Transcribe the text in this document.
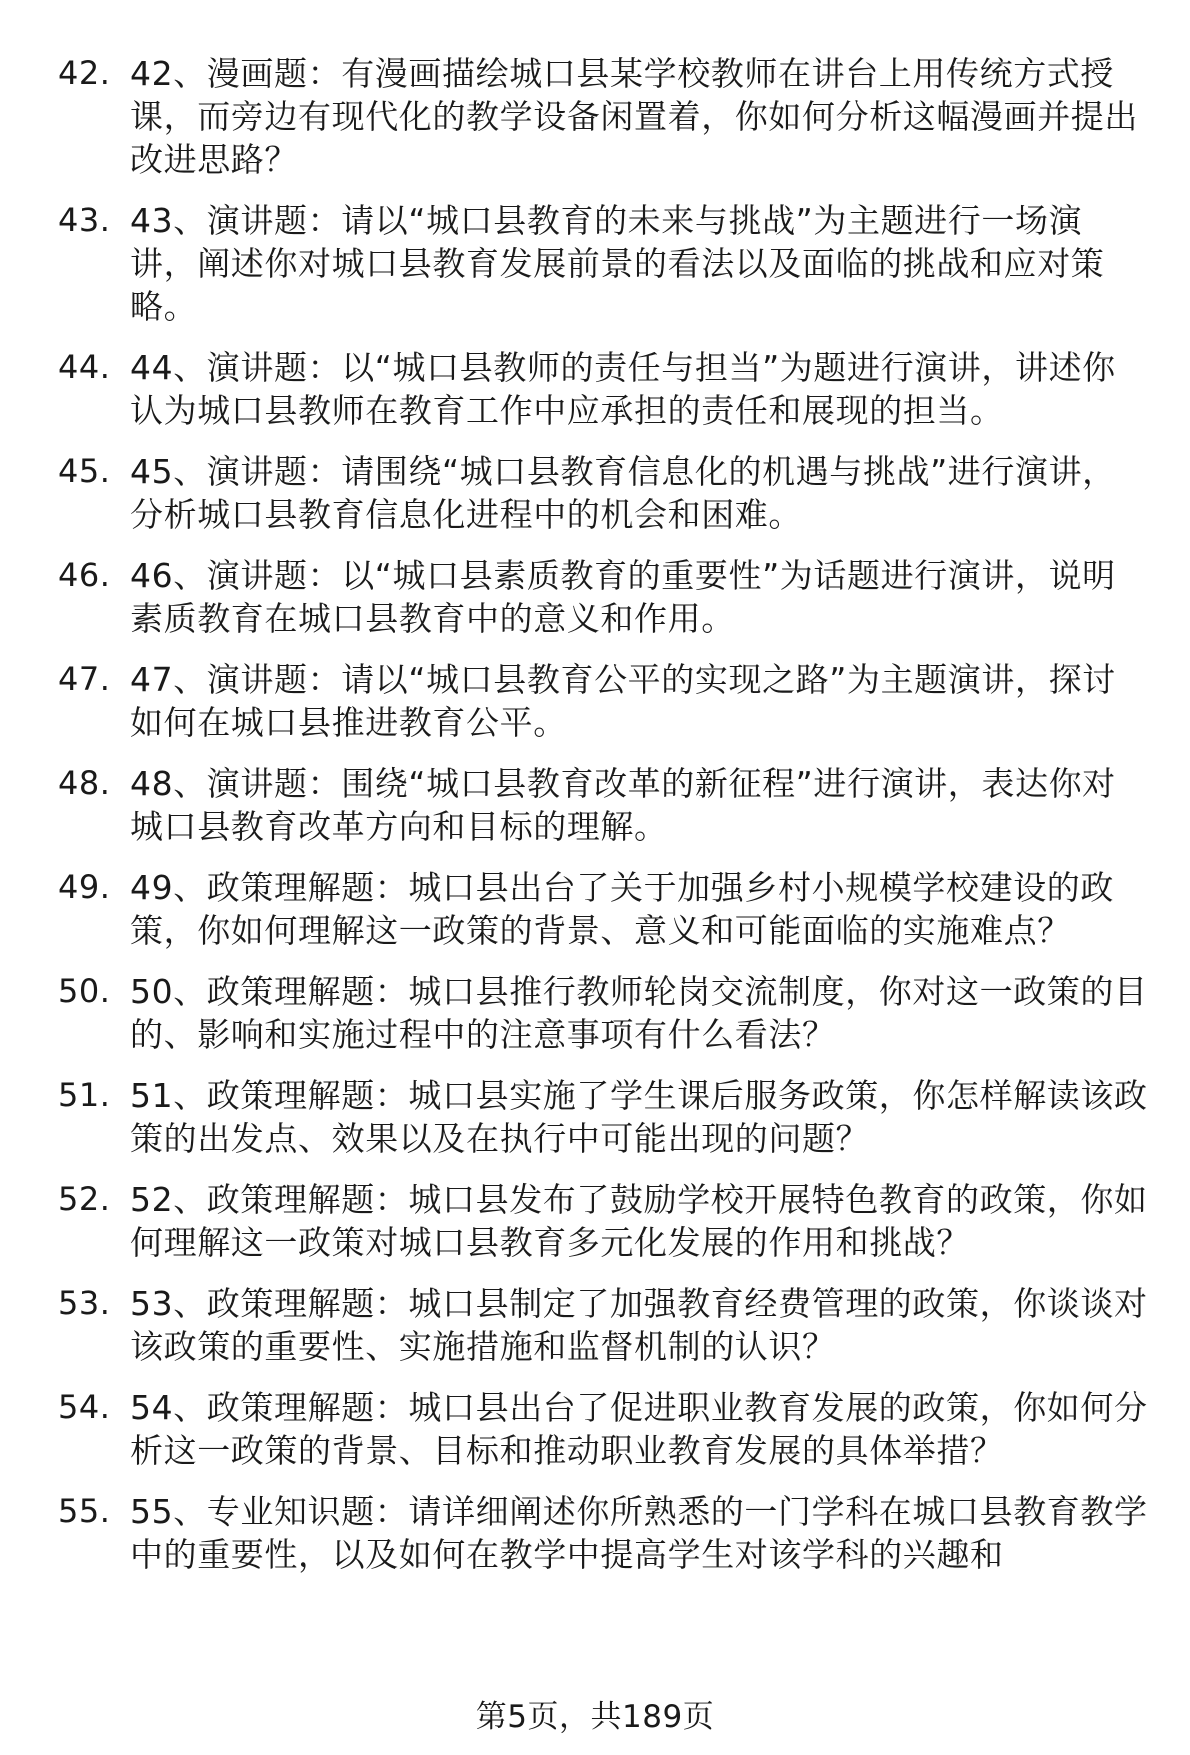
42. 42、漫画题：有漫画描绘城口县某学校教师在讲台上用传统方式授课，而旁边有现代化的教学设备闲置着，你如何分析这幅漫画并提出改进思路？
43. 43、演讲题：请以“城口县教育的未来与挑战”为主题进行一场演讲，阐述你对城口县教育发展前景的看法以及面临的挑战和应对策略。
44. 44、演讲题：以“城口县教师的责任与担当”为题进行演讲，讲述你认为城口县教师在教育工作中应承担的责任和展现的担当。
45. 45、演讲题：请围绕“城口县教育信息化的机遇与挑战”进行演讲，分析城口县教育信息化进程中的机会和困难。
46. 46、演讲题：以“城口县素质教育的重要性”为话题进行演讲，说明素质教育在城口县教育中的意义和作用。
47. 47、演讲题：请以“城口县教育公平的实现之路”为主题演讲，探讨如何在城口县推进教育公平。
48. 48、演讲题：围绕“城口县教育改革的新征程”进行演讲，表达你对城口县教育改革方向和目标的理解。
49. 49、政策理解题：城口县出台了关于加强乡村小规模学校建设的政策，你如何理解这一政策的背景、意义和可能面临的实施难点？
50. 50、政策理解题：城口县推行教师轮岗交流制度，你对这一政策的目的、影响和实施过程中的注意事项有什么看法？
51. 51、政策理解题：城口县实施了学生课后服务政策，你怎样解读该政策的出发点、效果以及在执行中可能出现的问题？
52. 52、政策理解题：城口县发布了鼓励学校开展特色教育的政策，你如何理解这一政策对城口县教育多元化发展的作用和挑战？
53. 53、政策理解题：城口县制定了加强教育经费管理的政策，你谈谈对该政策的重要性、实施措施和监督机制的认识？
54. 54、政策理解题：城口县出台了促进职业教育发展的政策，你如何分析这一政策的背景、目标和推动职业教育发展的具体举措？
55. 55、专业知识题：请详细阐述你所熟悉的一门学科在城口县教育教学中的重要性，以及如何在教学中提高学生对该学科的兴趣和
第5页，共189页
